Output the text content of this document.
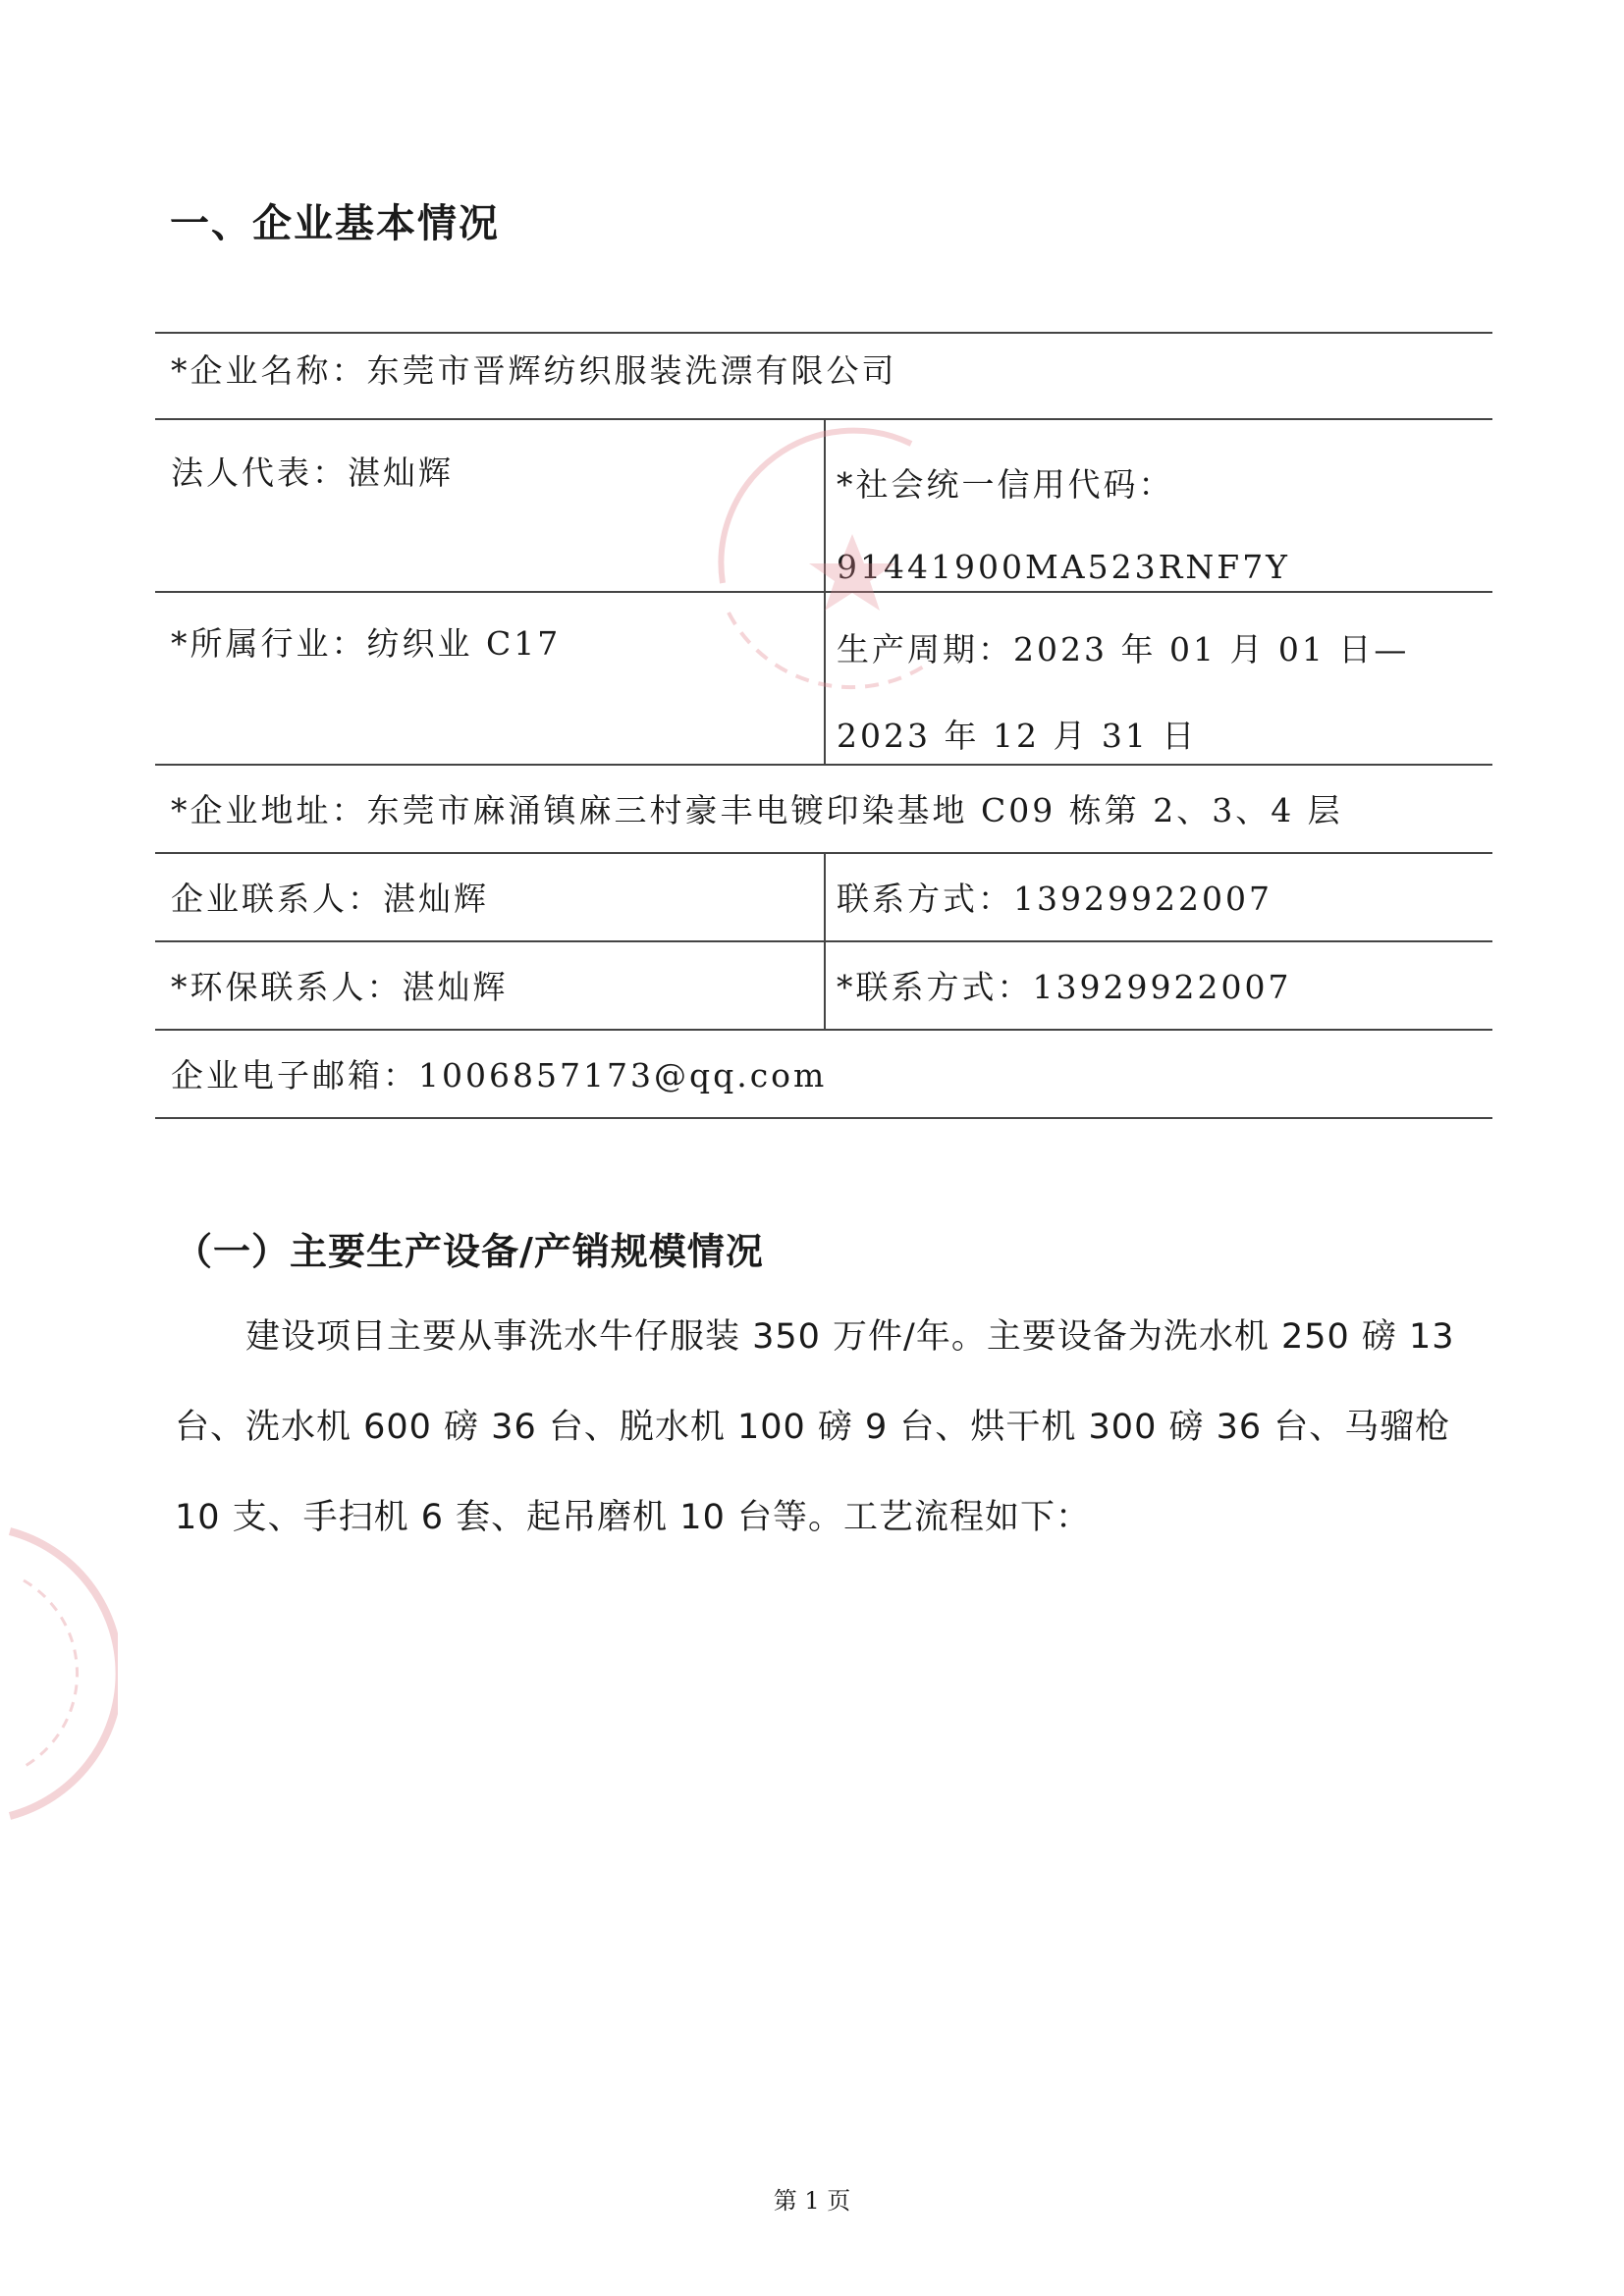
一、企业基本情况
*企业名称：东莞市晋辉纺织服装洗漂有限公司
法人代表：湛灿辉	*社会统一信用代码：
91441900MA523RNF7Y
*所属行业：纺织业 C17	生产周期：2023 年 01 月 01 日—2023 年 12 月 31 日
*企业地址：东莞市麻涌镇麻三村豪丰电镀印染基地 C09 栋第 2、3、4 层
企业联系人：湛灿辉	联系方式：13929922007
*环保联系人：湛灿辉	*联系方式：13929922007
企业电子邮箱：1006857173@qq.com
（一）主要生产设备/产销规模情况

建设项目主要从事洗水牛仔服装 350 万件/年。主要设备为洗水机 250 磅 13 台、洗水机 600 磅 36 台、脱水机 100 磅 9 台、烘干机 300 磅 36 台、马骝枪 10 支、手扫机 6 套、起吊磨机 10 台等。工艺流程如下：

第 1 页
